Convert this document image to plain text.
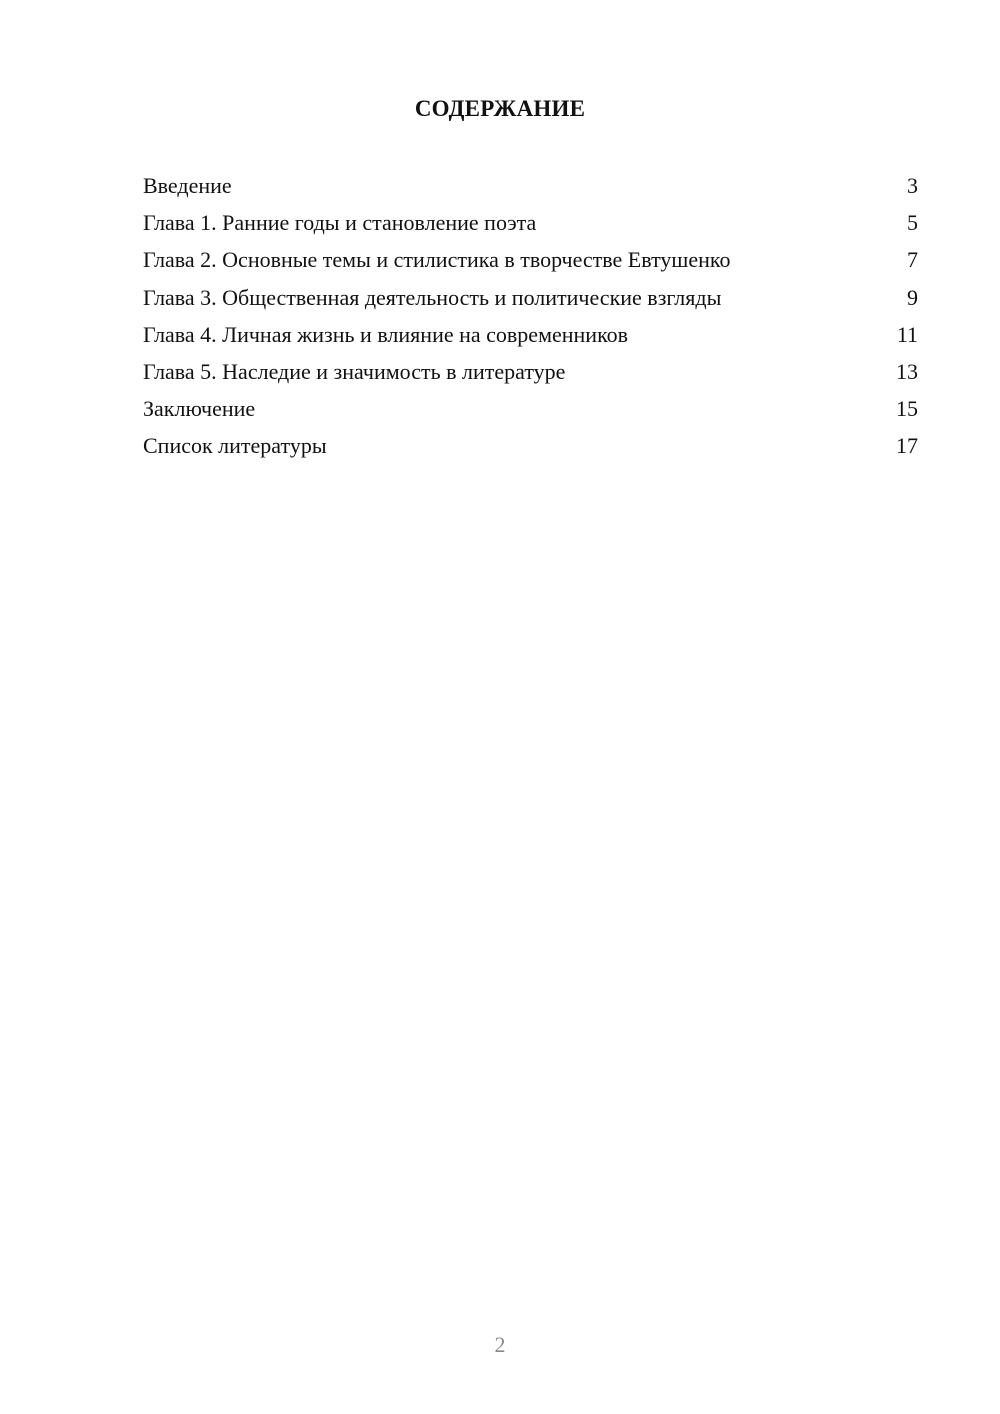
СОДЕРЖАНИЕ
Введение	3
Глава 1. Ранние годы и становление поэта	5
Глава 2. Основные темы и стилистика в творчестве Евтушенко	7
Глава 3. Общественная деятельность и политические взгляды	9
Глава 4. Личная жизнь и влияние на современников	11
Глава 5. Наследие и значимость в литературе	13
Заключение	15
Список литературы	17
2
